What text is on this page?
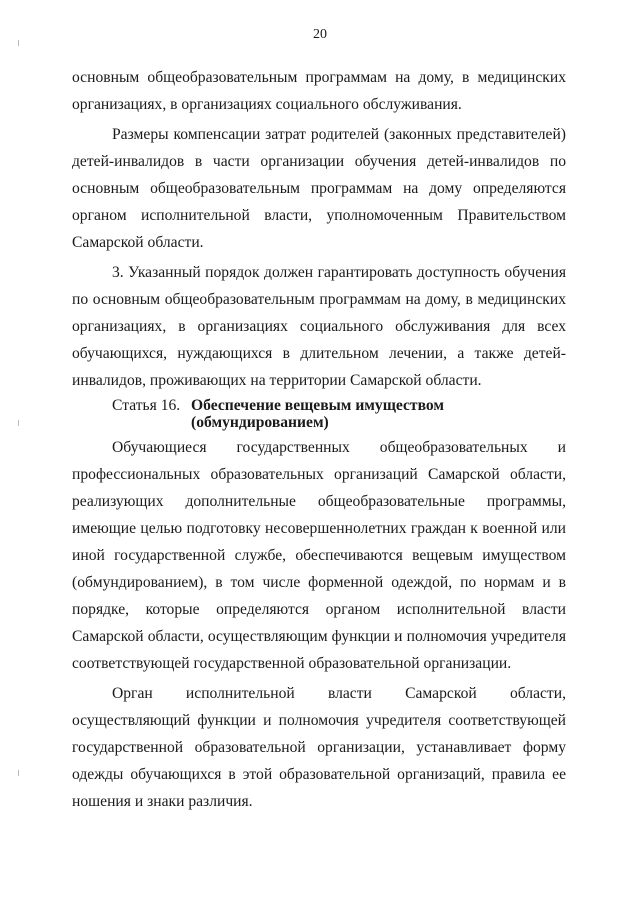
20

основным общеобразовательным программам на дому, в медицинских организациях, в организациях социального обслуживания.

Размеры компенсации затрат родителей (законных представителей) детей-инвалидов в части организации обучения детей-инвалидов по основным общеобразовательным программам на дому определяются органом исполнительной власти, уполномоченным Правительством Самарской области.

3. Указанный порядок должен гарантировать доступность обучения по основным общеобразовательным программам на дому, в медицинских организациях, в организациях социального обслуживания для всех обучающихся, нуждающихся в длительном лечении, а также детей-инвалидов, проживающих на территории Самарской области.

Статья 16. Обеспечение вещевым имуществом
(обмундированием)

Обучающиеся государственных общеобразовательных и профессиональных образовательных организаций Самарской области, реализующих дополнительные общеобразовательные программы, имеющие целью подготовку несовершеннолетних граждан к военной или иной государственной службе, обеспечиваются вещевым имуществом (обмундированием), в том числе форменной одеждой, по нормам и в порядке, которые определяются органом исполнительной власти Самарской области, осуществляющим функции и полномочия учредителя соответствующей государственной образовательной организации.

Орган исполнительной власти Самарской области, осуществляющий функции и полномочия учредителя соответствующей государственной образовательной организации, устанавливает форму одежды обучающихся в этой образовательной организаций, правила ее ношения и знаки различия.
